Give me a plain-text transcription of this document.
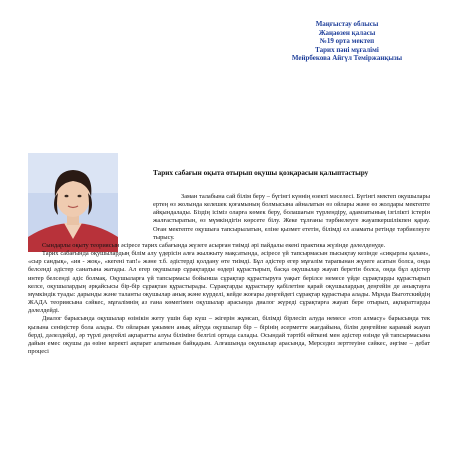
Маңғыстау облысы
Жаңаөзен қаласы
№19 орта мектеп
Тарих пәні мұғалімі
Мейрбекова Айгүл Теміржанқызы
Тарих сабағын оқыта отырып оқушы қозқарасын қалыптастыру

Заман талабына сай білім беру – бүгінгі күннің өзекті мәселесі. Бүгінгі мектеп оқушылары ертең өз жолында келешек қоғамының болмысына айналатын өз ойлары және өз жолдары мектепте айқындалады. Біздің ісіміз оларға көмек беру, болашағын түрлендіру, адамзатының ізгілікті істерін жалғастыратын, өз мүмкіндігін көрсете білу. Жеке тұлғаны тәрбиелеуге жауапкершілікпен қарау. Оған мектепте оқушыға тапсырылатын, еліне қызмет ететін, білімді ел азаматы ретінде тәрбиелеуге тырысу.

Сындарлы оқыту теориясын әсіресе тарих сабағында жүзеге асырған тиімді әрі пайдалы екені практика жүзінде дәлелденуде.

Тарих сабағында оқушылардың білім алу үдерісін алға жылжыту мақсатында, әсіресе үй тапсырмасын пысықтау кезінде «сиқырлы қалам», «сыр сандық», «ия - жоқ», «кегені тап!» және т.б. әдістерді қолдану өте тиімді. Бұл әдістер егер мұғалім тарапынан жүзеге асатын болса, онда белсенді әдістер санатына жатады. Ал егер оқушылар сұрақтарды өздері құрастырып, басқа оқушылар жауап беретін болса, онда бұл әдістер интер белсенді әдіс болмақ. Оқушыларға үй тапсырмасы бойынша сұрақтар құрастыруға уақыт берілсе немесе үйде сұрақтарды құрастырып келсе, оқушылардың әрқайсысы бір-бір сұрақтан құрастырады. Сұрақтарды құрастыру қабілетіне қарай оқушылардың деңгейін де анықтауға мүмкіндік туады: дарынды және таланты оқушылар анық және күрделі, кейде жоғары деңгейдегі сұрақтар құрастыра алады. Мұнда Выготскийдің ЖАДА теориясына сәйкес, мұғалімнің аз ғана көмегімен оқушылар арасында диалог жүреді сұрақтарға жауап бере отырып, ақпараттарды дәлелдейді.

Диалог барысында оқушылар өзінікін жету үшін бар күш – жігерін жұмсап, білімді бірлесіп алуда немесе «топ алмасу» барысында тек қызына сеніңістер бола алады. Өз ойларын ұжымен анық айтуда оқушылар бір – бірінің әсерметте жағдайына, білім деңгейіне карамай жауап берді, дәлелдейді, әр түрлі деңгейлі ақпаратты алуы біліміне белгілі ортада салады. Осындай тәртібі өйткені мен әдістер өзінде үй тапсырмасына дайын емес оқушы да өзіне керекті ақпарат алатынын байқадым. Алғашында оқушылар арасында, Мерседиз зерттеуіне сәйкес, әңгіме – дебат процесі
